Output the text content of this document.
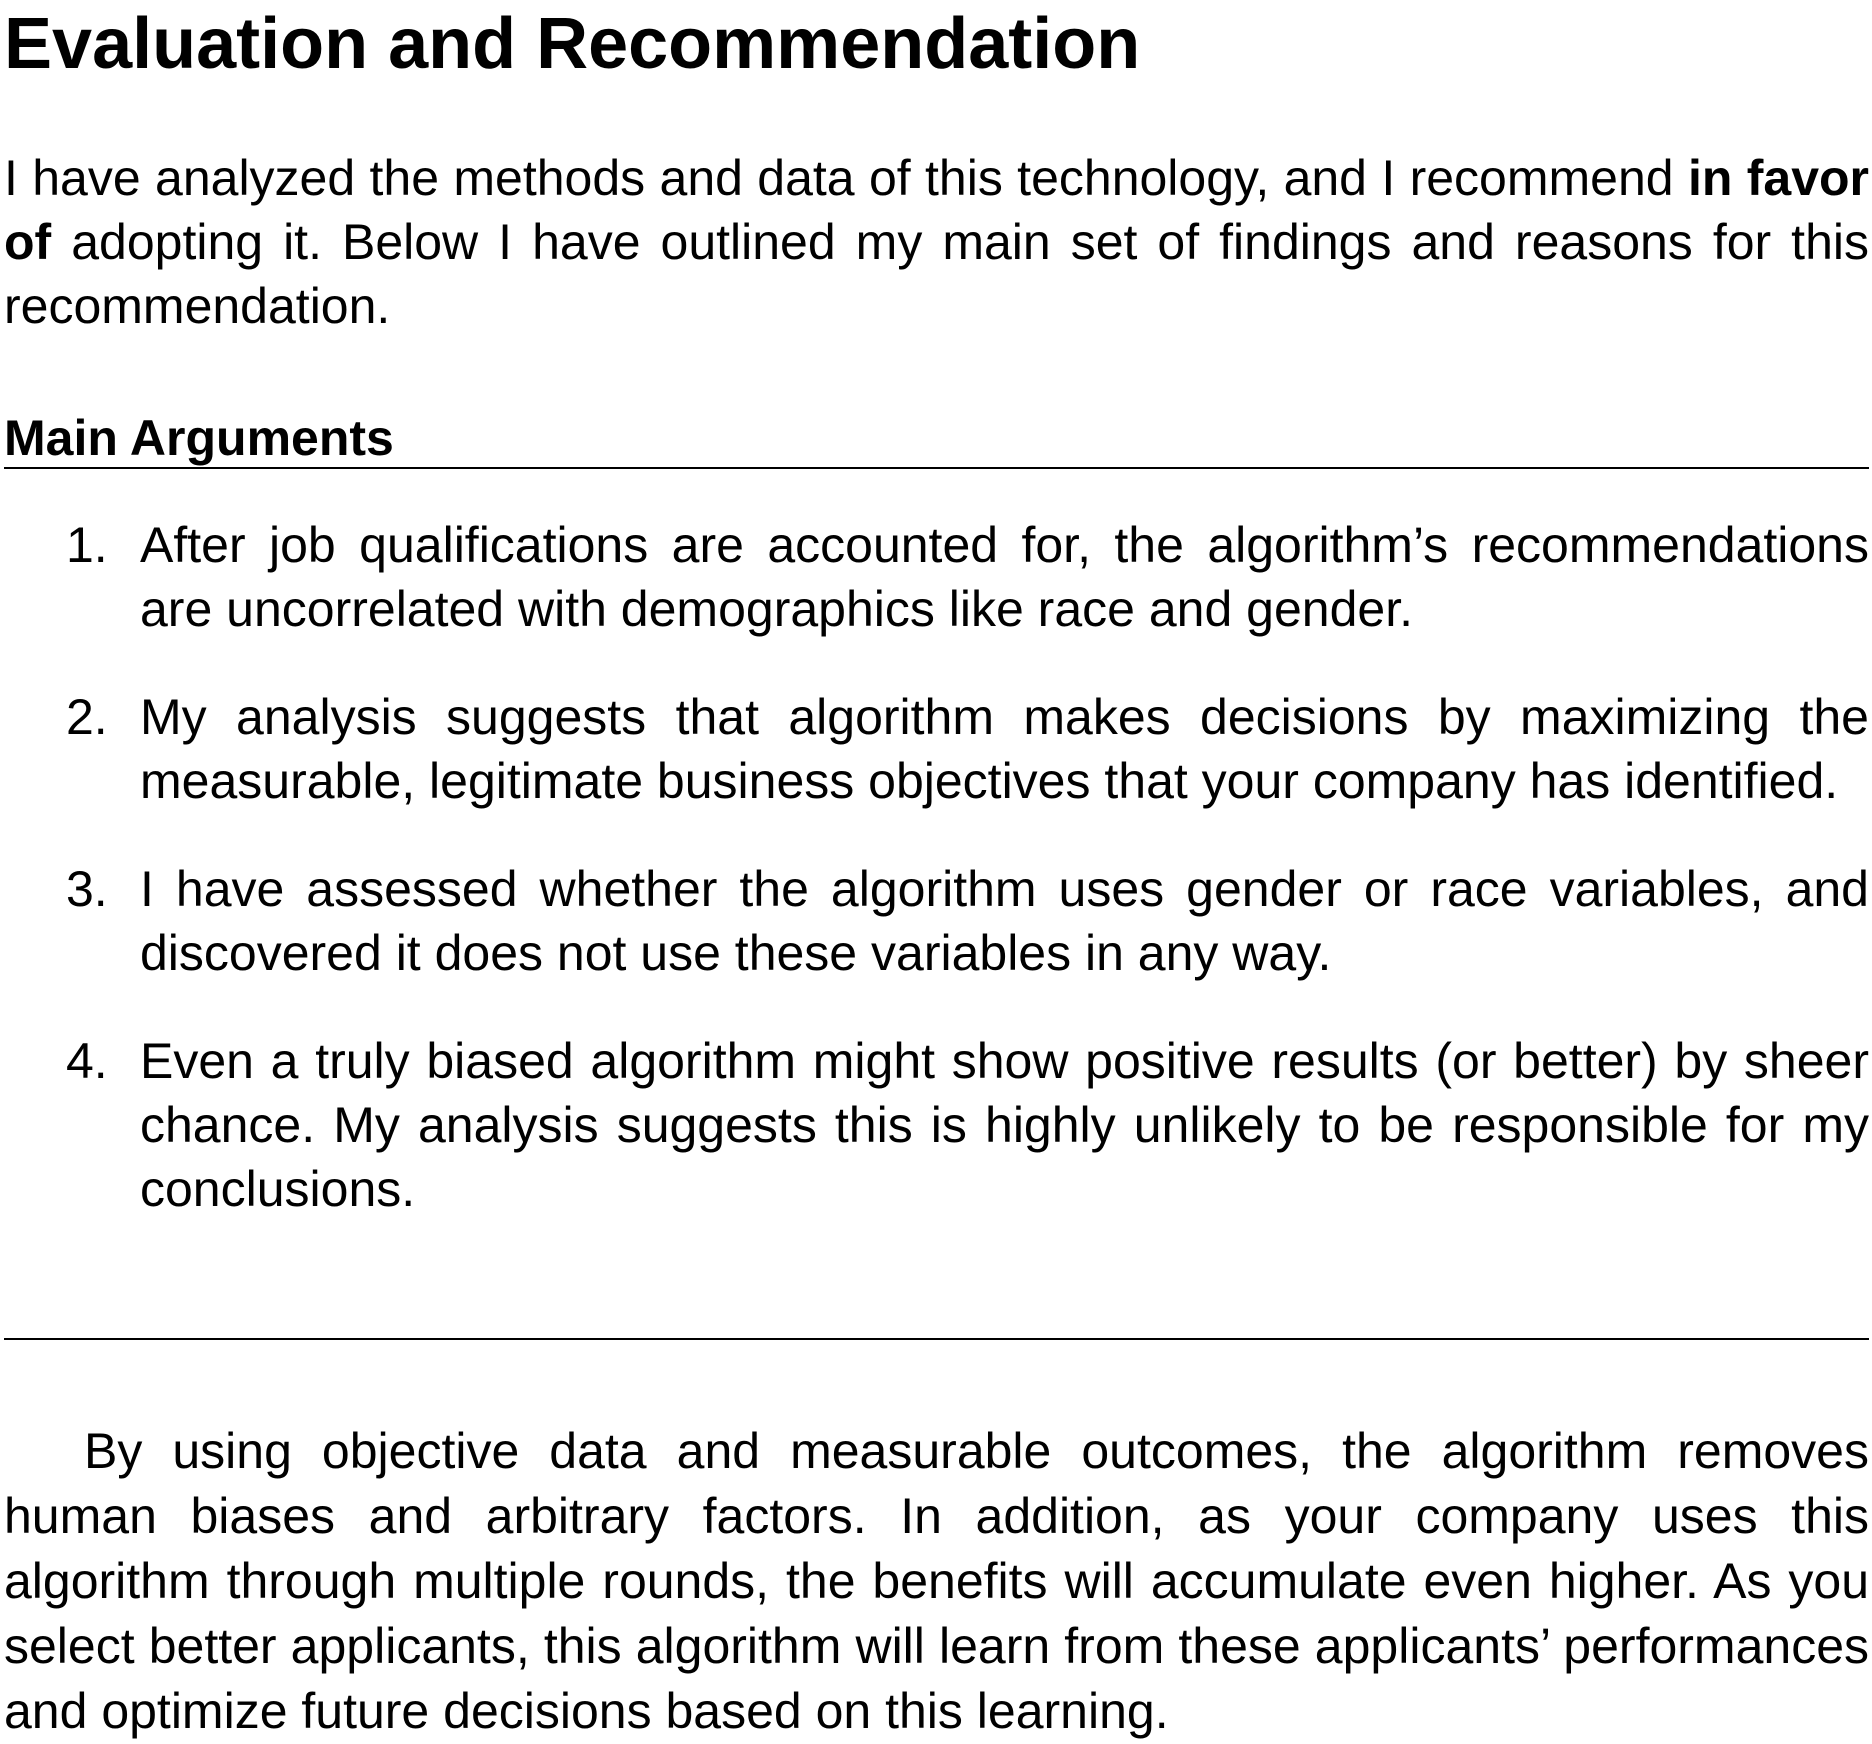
Evaluation and Recommendation

I have analyzed the methods and data of this technology, and I recommend in favor of adopting it. Below I have outlined my main set of findings and reasons for this recommendation.

Main Arguments
1. After job qualifications are accounted for, the algorithm’s recommendations are uncorrelated with demographics like race and gender.
2. My analysis suggests that algorithm makes decisions by maximizing the measurable, legitimate business objectives that your company has identified.
3. I have assessed whether the algorithm uses gender or race variables, and discovered it does not use these variables in any way.
4. Even a truly biased algorithm might show positive results (or better) by sheer chance. My analysis suggests this is highly unlikely to be responsible for my conclusions.

By using objective data and measurable outcomes, the algorithm removes human biases and arbitrary factors. In addition, as your company uses this algorithm through multiple rounds, the benefits will accumulate even higher. As you select better applicants, this algorithm will learn from these applicants’ performances and optimize future decisions based on this learning.
